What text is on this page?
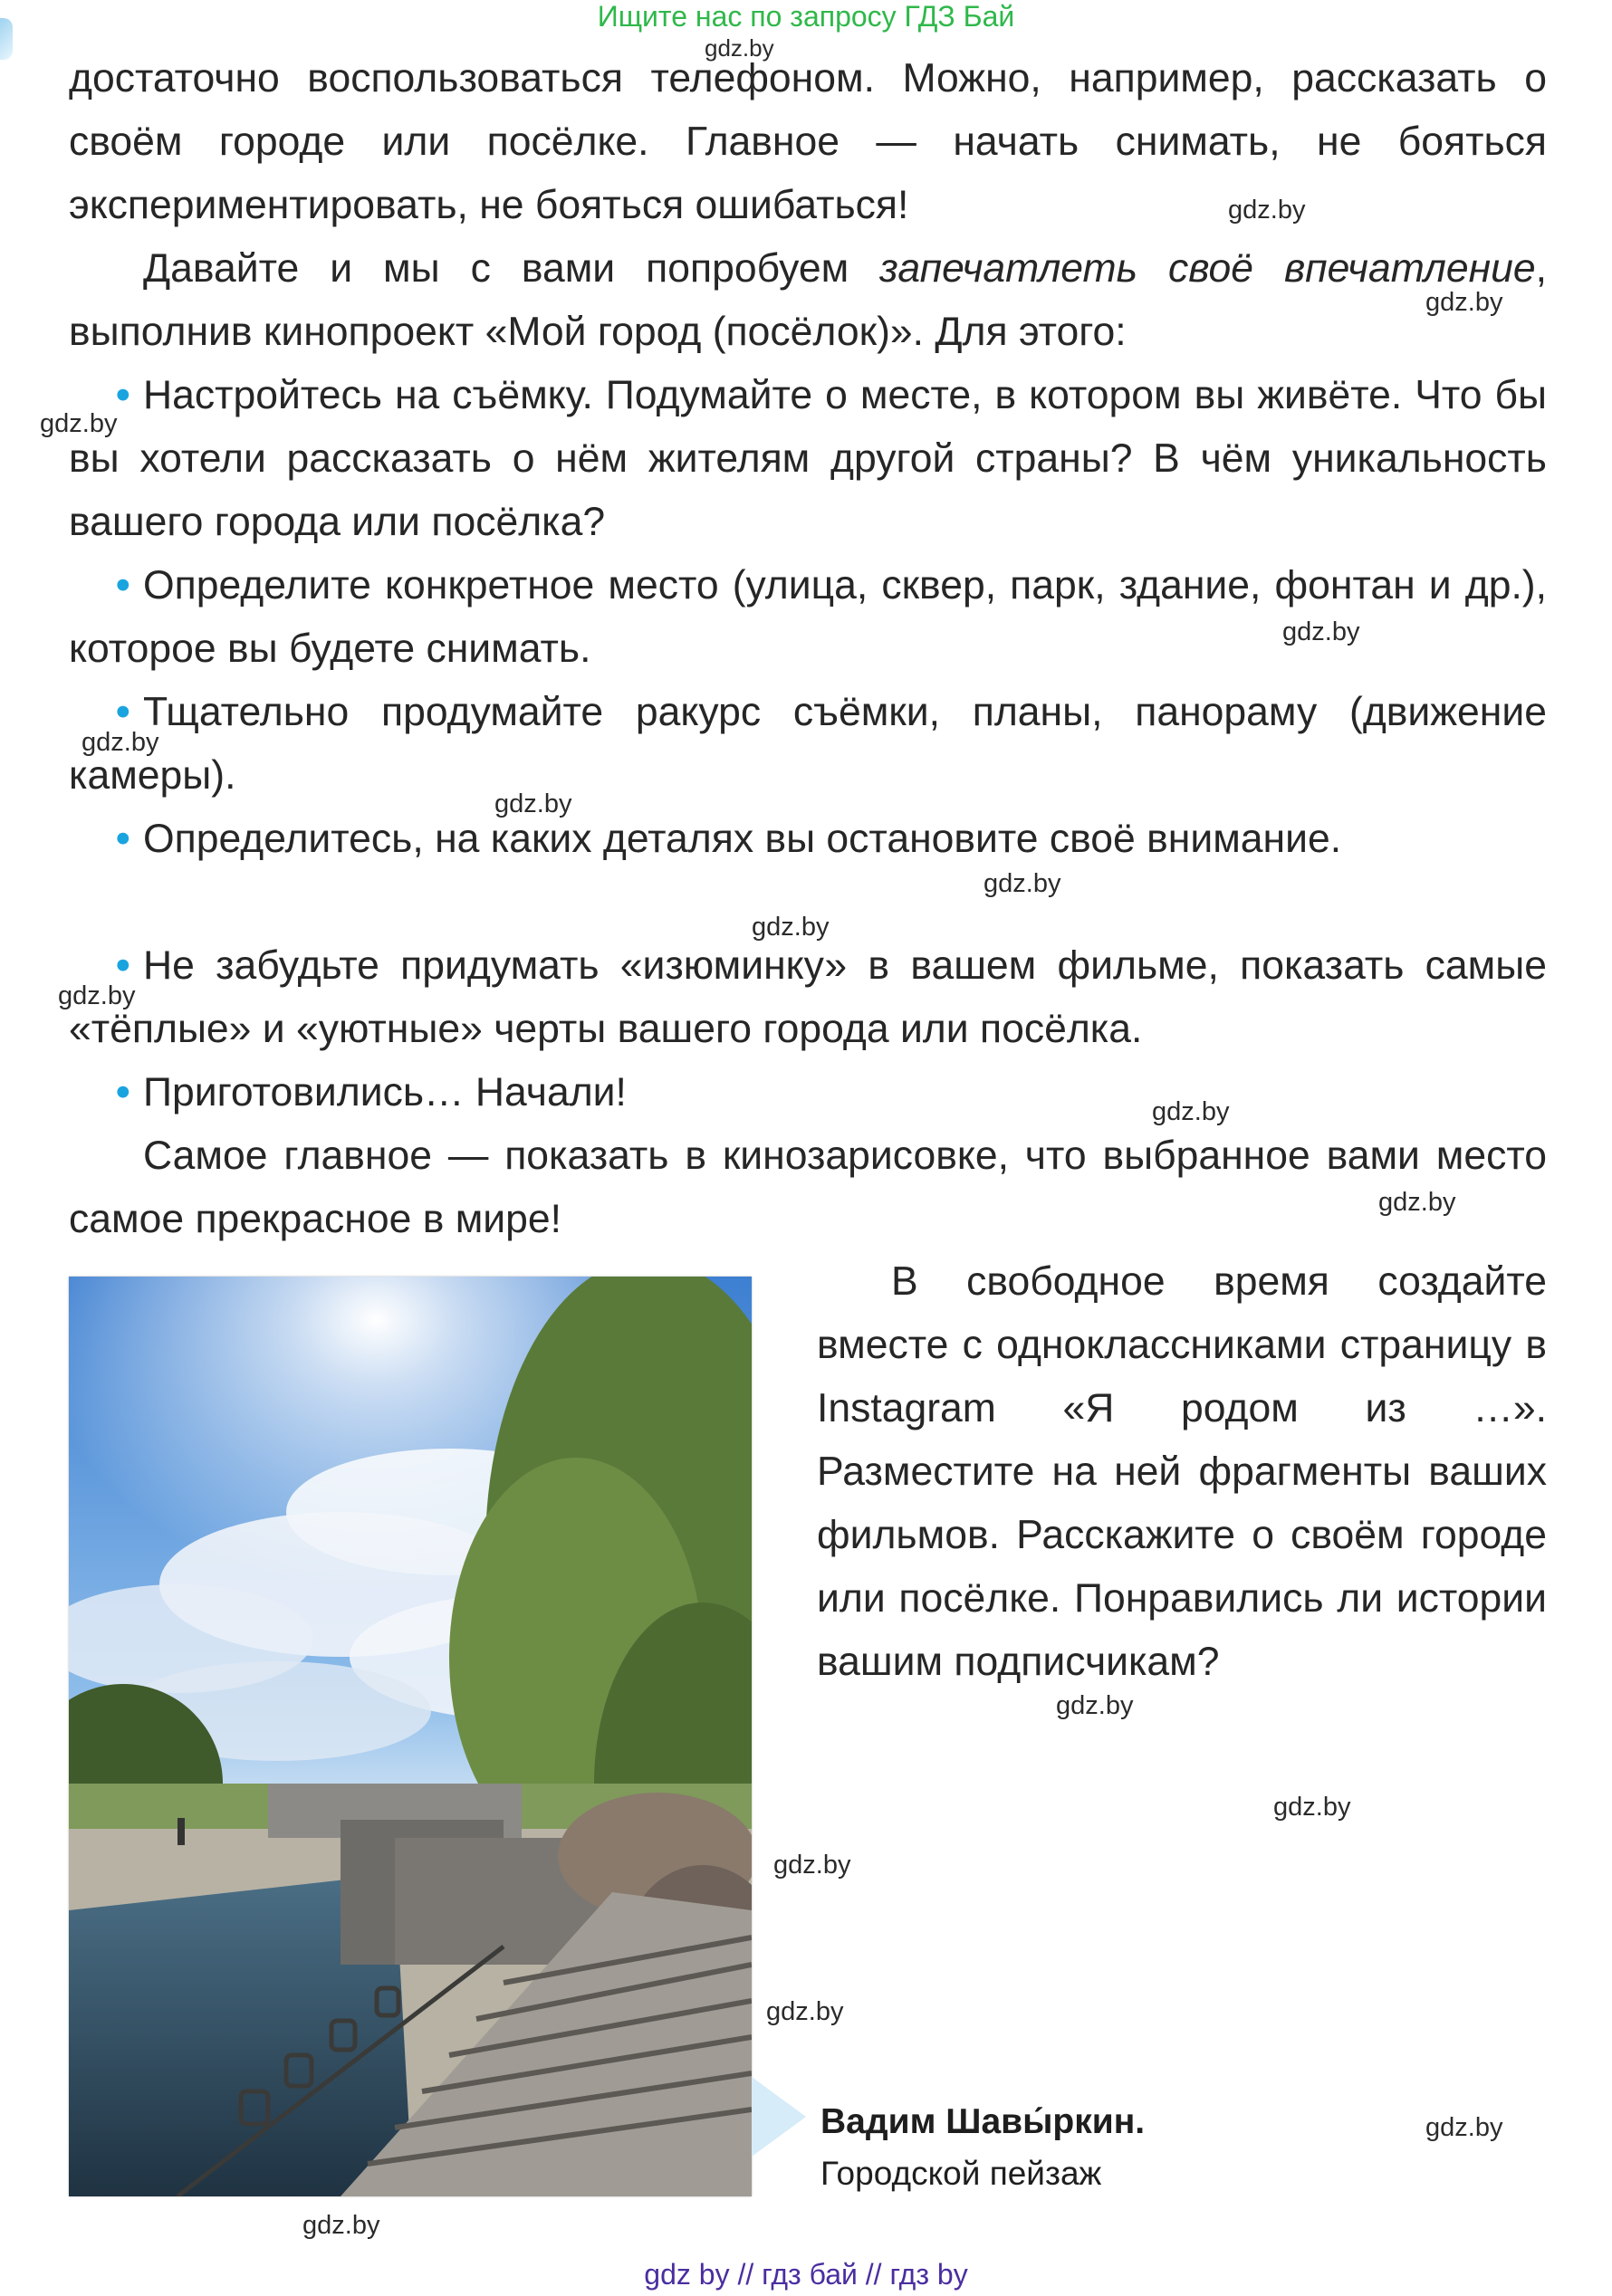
Ищите нас по запросу ГДЗ Бай
gdz.by
gdz.by
gdz.by
gdz.by
gdz.by
gdz.by
gdz.by
gdz.by
gdz.by
gdz.by
gdz.by
gdz.by
gdz.by
gdz.by
gdz.by
gdz.by
gdz.by
gdz.by

достаточно воспользоваться телефоном. Можно, например, рассказать о своём городе или посёлке. Главное — начать снимать, не бояться экспериментировать, не бояться ошибаться!

Давайте и мы с вами попробуем запечатлеть своё впечатление, выполнив кинопроект «Мой город (посёлок)». Для этого:

• Настройтесь на съёмку. Подумайте о месте, в котором вы живёте. Что бы вы хотели рассказать о нём жителям другой страны? В чём уникальность вашего города или посёлка?

• Определите конкретное место (улица, сквер, парк, здание, фонтан и др.), которое вы будете снимать.

• Тщательно продумайте ракурс съёмки, планы, панораму (движение камеры).

• Определитесь, на каких деталях вы остановите своё внимание.

• Не забудьте придумать «изюминку» в вашем фильме, показать самые «тёплые» и «уютные» черты вашего города или посёлка.

• Приготовились… Начали!

Самое главное — показать в кинозарисовке, что выбранное вами место самое прекрасное в мире!

В свободное время создайте вместе с одноклассниками страницу в Instagram «Я родом из …». Разместите на ней фрагменты ваших фильмов. Расскажите о своём городе или посёлке. Понравились ли истории вашим подписчикам?

Вадим Шавы́ркин.
Городской пейзаж
gdz by // гдз бай // гдз by
